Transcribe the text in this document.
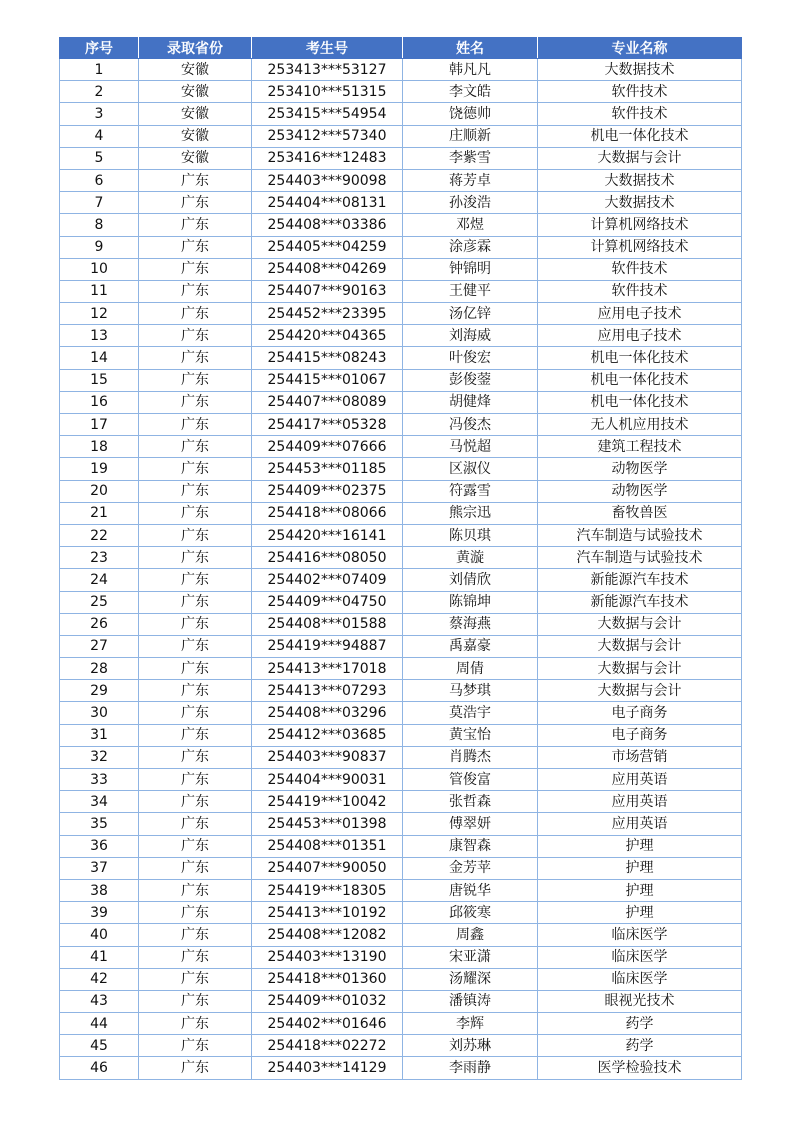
序号	录取省份	考生号	姓名	专业名称
1	安徽	253413***53127	韩凡凡	大数据技术
2	安徽	253410***51315	李文皓	软件技术
3	安徽	253415***54954	饶德帅	软件技术
4	安徽	253412***57340	庄顺新	机电一体化技术
5	安徽	253416***12483	李紫雪	大数据与会计
6	广东	254403***90098	蒋芳卓	大数据技术
7	广东	254404***08131	孙浚浩	大数据技术
8	广东	254408***03386	邓煜	计算机网络技术
9	广东	254405***04259	涂彦霖	计算机网络技术
10	广东	254408***04269	钟锦明	软件技术
11	广东	254407***90163	王健平	软件技术
12	广东	254452***23395	汤亿锌	应用电子技术
13	广东	254420***04365	刘海威	应用电子技术
14	广东	254415***08243	叶俊宏	机电一体化技术
15	广东	254415***01067	彭俊蓥	机电一体化技术
16	广东	254407***08089	胡健烽	机电一体化技术
17	广东	254417***05328	冯俊杰	无人机应用技术
18	广东	254409***07666	马悦超	建筑工程技术
19	广东	254453***01185	区淑仪	动物医学
20	广东	254409***02375	符露雪	动物医学
21	广东	254418***08066	熊宗迅	畜牧兽医
22	广东	254420***16141	陈贝琪	汽车制造与试验技术
23	广东	254416***08050	黄漩	汽车制造与试验技术
24	广东	254402***07409	刘倩欣	新能源汽车技术
25	广东	254409***04750	陈锦坤	新能源汽车技术
26	广东	254408***01588	蔡海燕	大数据与会计
27	广东	254419***94887	禹嘉豪	大数据与会计
28	广东	254413***17018	周倩	大数据与会计
29	广东	254413***07293	马梦琪	大数据与会计
30	广东	254408***03296	莫浩宇	电子商务
31	广东	254412***03685	黄宝怡	电子商务
32	广东	254403***90837	肖腾杰	市场营销
33	广东	254404***90031	管俊富	应用英语
34	广东	254419***10042	张哲森	应用英语
35	广东	254453***01398	傅翠妍	应用英语
36	广东	254408***01351	康智森	护理
37	广东	254407***90050	金芳苹	护理
38	广东	254419***18305	唐锐华	护理
39	广东	254413***10192	邱筱寒	护理
40	广东	254408***12082	周鑫	临床医学
41	广东	254403***13190	宋亚潇	临床医学
42	广东	254418***01360	汤耀深	临床医学
43	广东	254409***01032	潘镇涛	眼视光技术
44	广东	254402***01646	李辉	药学
45	广东	254418***02272	刘苏琳	药学
46	广东	254403***14129	李雨静	医学检验技术
